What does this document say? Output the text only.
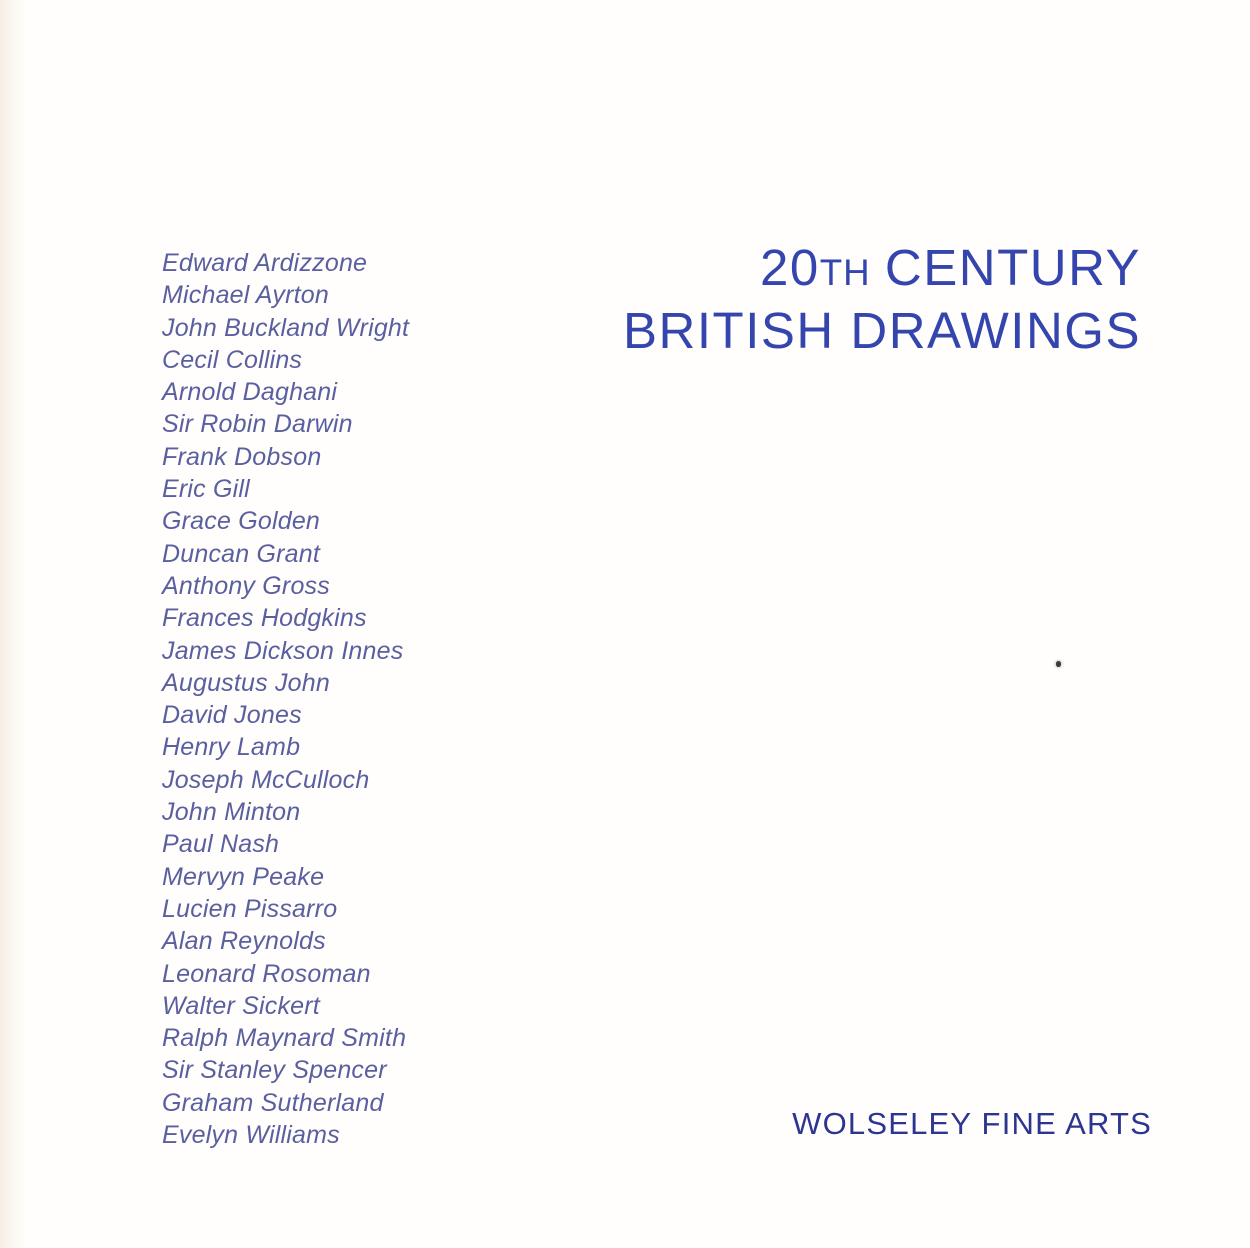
Edward Ardizzone
Michael Ayrton
John Buckland Wright
Cecil Collins
Arnold Daghani
Sir Robin Darwin
Frank Dobson
Eric Gill
Grace Golden
Duncan Grant
Anthony Gross
Frances Hodgkins
James Dickson Innes
Augustus John
David Jones
Henry Lamb
Joseph McCulloch
John Minton
Paul Nash
Mervyn Peake
Lucien Pissarro
Alan Reynolds
Leonard Rosoman
Walter Sickert
Ralph Maynard Smith
Sir Stanley Spencer
Graham Sutherland
Evelyn Williams
20TH CENTURY
BRITISH DRAWINGS
WOLSELEY FINE ARTS
